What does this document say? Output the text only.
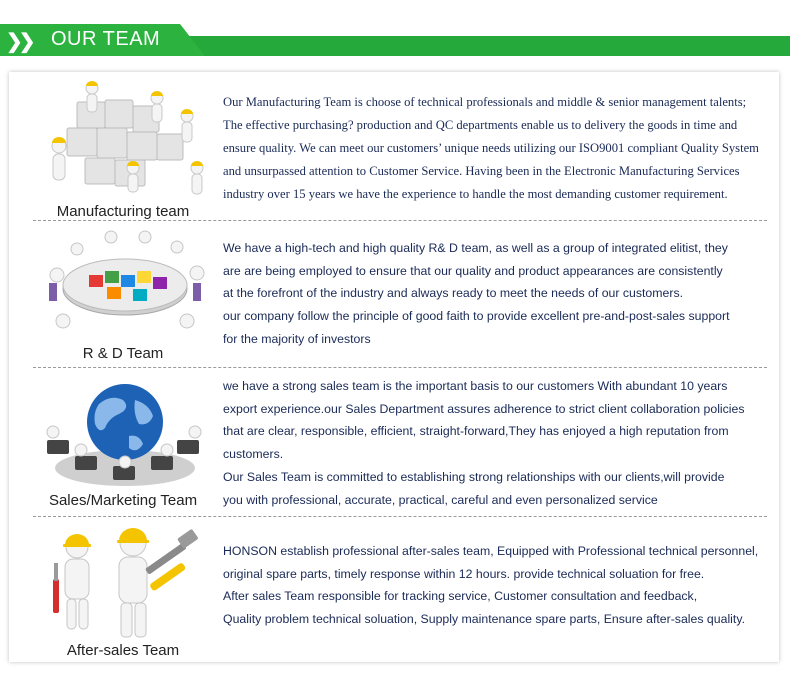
❯❯ OUR TEAM
Manufacturing team

Our Manufacturing Team is choose of technical professionals and middle & senior management talents;

The effective purchasing? production and QC departments enable us to delivery the goods in time and

ensure quality. We can meet our customers’ unique needs utilizing our ISO9001 compliant Quality System

and unsurpassed attention to Customer Service. Having been in the Electronic Manufacturing Services

industry over 15 years we have the experience to handle the most demanding customer requirement.

R & D Team

We have a high-tech and high quality R& D team, as well as a group of integrated elitist, they

are are being employed to ensure that our quality and product appearances are consistently

at the forefront of the industry and always ready to meet the needs of our customers.

our company follow the principle of good faith to provide excellent pre-and-post-sales support

for the majority of investors

Sales/Marketing Team

we have a strong sales team is the important basis to our customers With abundant 10 years

export experience.our Sales Department assures adherence to strict client collaboration policies

that are clear, responsible, efficient, straight-forward,They has enjoyed a high reputation from

customers.

Our Sales Team is committed to establishing strong relationships with our clients,will provide

you with professional, accurate, practical, careful and even personalized service

After-sales Team

HONSON establish professional after-sales team, Equipped with Professional technical personnel,

original spare parts, timely response within 12 hours. provide technical soluation for free.

After sales Team responsible for tracking service, Customer consultation and feedback,

Quality problem technical soluation, Supply maintenance spare parts, Ensure after-sales quality.
